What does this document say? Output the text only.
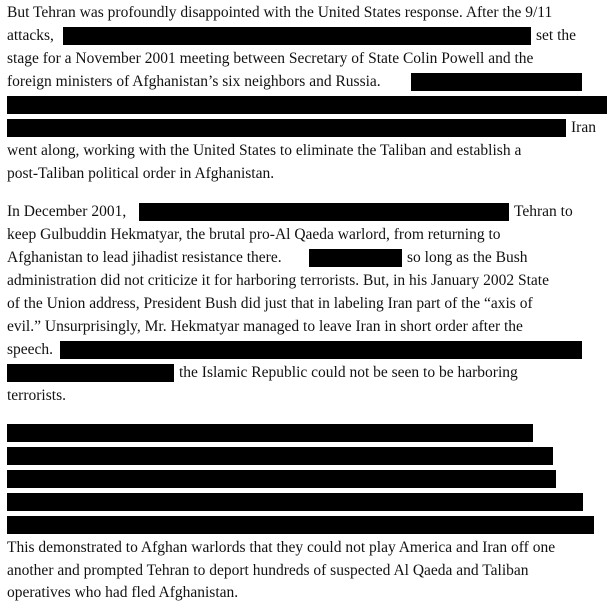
But Tehran was profoundly disappointed with the United States response. After the 9/11
attacks,	set the
stage for a November 2001 meeting between Secretary of State Colin Powell and the
foreign ministers of Afghanistan’s six neighbors and Russia.
Iran
went along, working with the United States to eliminate the Taliban and establish a
post-Taliban political order in Afghanistan.
In December 2001,	Tehran to
keep Gulbuddin Hekmatyar, the brutal pro-Al Qaeda warlord, from returning to
Afghanistan to lead jihadist resistance there.	so long as the Bush
administration did not criticize it for harboring terrorists. But, in his January 2002 State
of the Union address, President Bush did just that in labeling Iran part of the “axis of
evil.” Unsurprisingly, Mr. Hekmatyar managed to leave Iran in short order after the
speech.
the Islamic Republic could not be seen to be harboring
terrorists.
This demonstrated to Afghan warlords that they could not play America and Iran off one
another and prompted Tehran to deport hundreds of suspected Al Qaeda and Taliban
operatives who had fled Afghanistan.
